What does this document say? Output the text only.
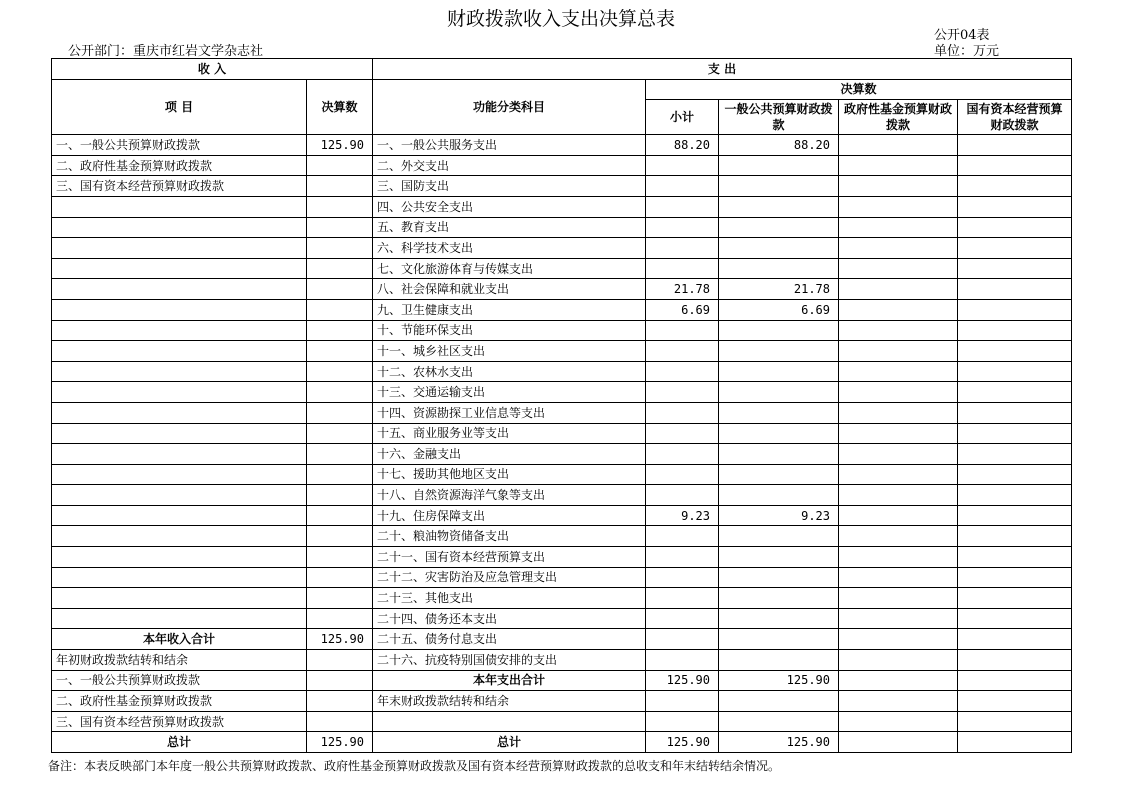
财政拨款收入支出决算总表
公开04表
公开部门：重庆市红岩文学杂志社	单位：万元
收 入		支 出				
项 目	决算数	功能分类科目	决算数			
			小计	一般公共预算财政拨款	政府性基金预算财政拨款	国有资本经营预算财政拨款
一、一般公共预算财政拨款	125.90	一、一般公共服务支出	88.20	88.20		
二、政府性基金预算财政拨款		二、外交支出				
三、国有资本经营预算财政拨款		三、国防支出				
		四、公共安全支出				
		五、教育支出				
		六、科学技术支出				
		七、文化旅游体育与传媒支出				
		八、社会保障和就业支出	21.78	21.78		
		九、卫生健康支出	6.69	6.69		
		十、节能环保支出				
		十一、城乡社区支出				
		十二、农林水支出				
		十三、交通运输支出				
		十四、资源勘探工业信息等支出				
		十五、商业服务业等支出				
		十六、金融支出				
		十七、援助其他地区支出				
		十八、自然资源海洋气象等支出				
		十九、住房保障支出	9.23	9.23		
		二十、粮油物资储备支出				
		二十一、国有资本经营预算支出				
		二十二、灾害防治及应急管理支出				
		二十三、其他支出				
		二十四、债务还本支出				
本年收入合计	125.90	二十五、债务付息支出				
年初财政拨款结转和结余		二十六、抗疫特别国债安排的支出				
一、一般公共预算财政拨款		本年支出合计	125.90	125.90		
二、政府性基金预算财政拨款		年末财政拨款结转和结余				
三、国有资本经营预算财政拨款						
总计	125.90	总计	125.90	125.90		
备注：本表反映部门本年度一般公共预算财政拨款、政府性基金预算财政拨款及国有资本经营预算财政拨款的总收支和年末结转结余情况。
